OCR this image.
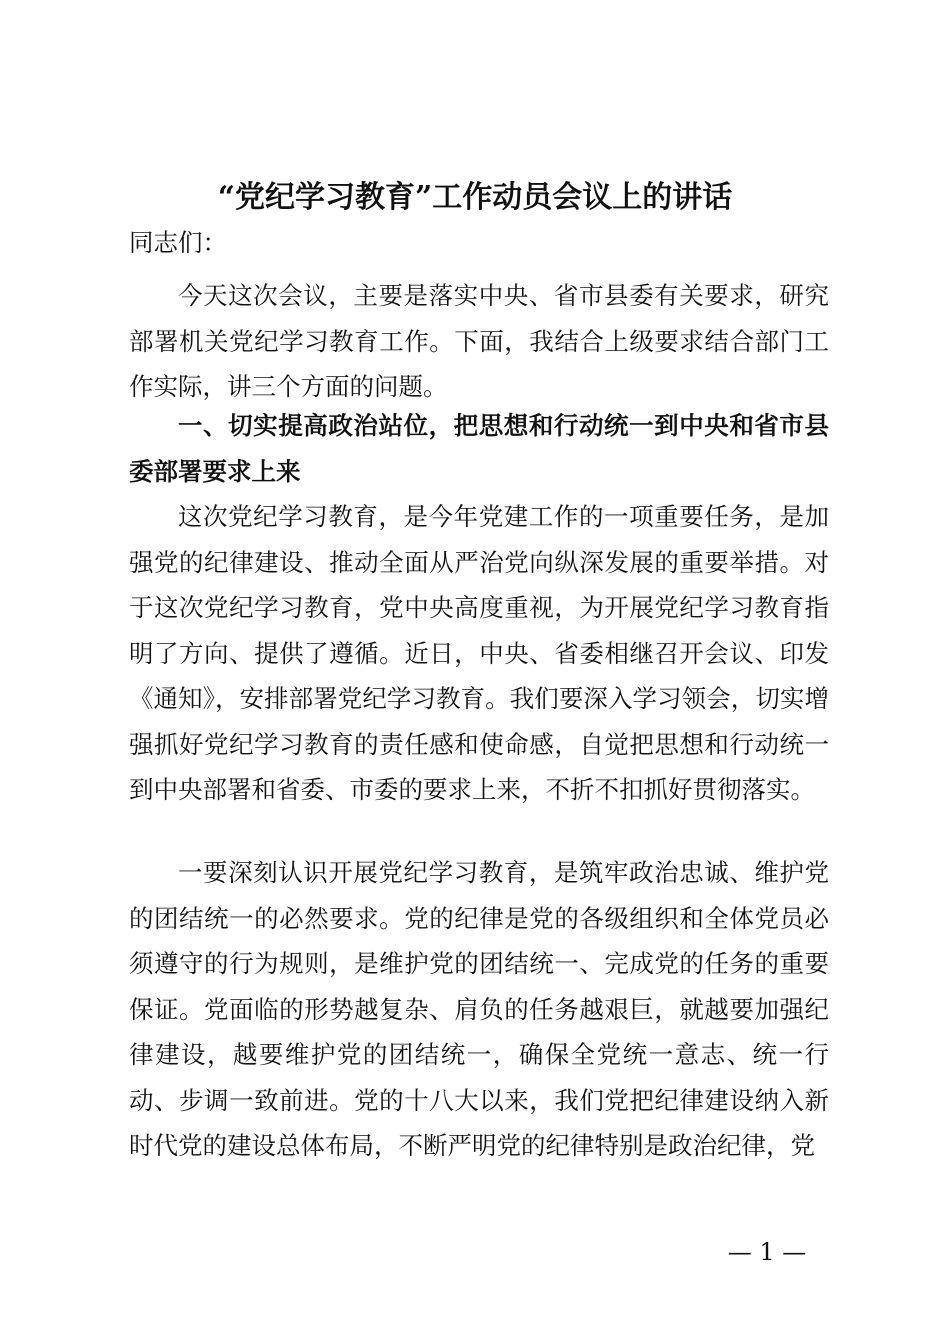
“党纪学习教育”工作动员会议上的讲话

同志们：

今天这次会议，主要是落实中央、省市县委有关要求，研究部署机关党纪学习教育工作。下面，我结合上级要求结合部门工作实际，讲三个方面的问题。

一、切实提高政治站位，把思想和行动统一到中央和省市县委部署要求上来

这次党纪学习教育，是今年党建工作的一项重要任务，是加强党的纪律建设、推动全面从严治党向纵深发展的重要举措。对于这次党纪学习教育，党中央高度重视，为开展党纪学习教育指明了方向、提供了遵循。近日，中央、省委相继召开会议、印发《通知》，安排部署党纪学习教育。我们要深入学习领会，切实增强抓好党纪学习教育的责任感和使命感，自觉把思想和行动统一到中央部署和省委、市委的要求上来，不折不扣抓好贯彻落实。

一要深刻认识开展党纪学习教育，是筑牢政治忠诚、维护党的团结统一的必然要求。党的纪律是党的各级组织和全体党员必须遵守的行为规则，是维护党的团结统一、完成党的任务的重要保证。党面临的形势越复杂、肩负的任务越艰巨，就越要加强纪律建设，越要维护党的团结统一，确保全党统一意志、统一行动、步调一致前进。党的十八大以来，我们党把纪律建设纳入新时代党的建设总体布局，不断严明党的纪律特别是政治纪律，党

— 1 —
